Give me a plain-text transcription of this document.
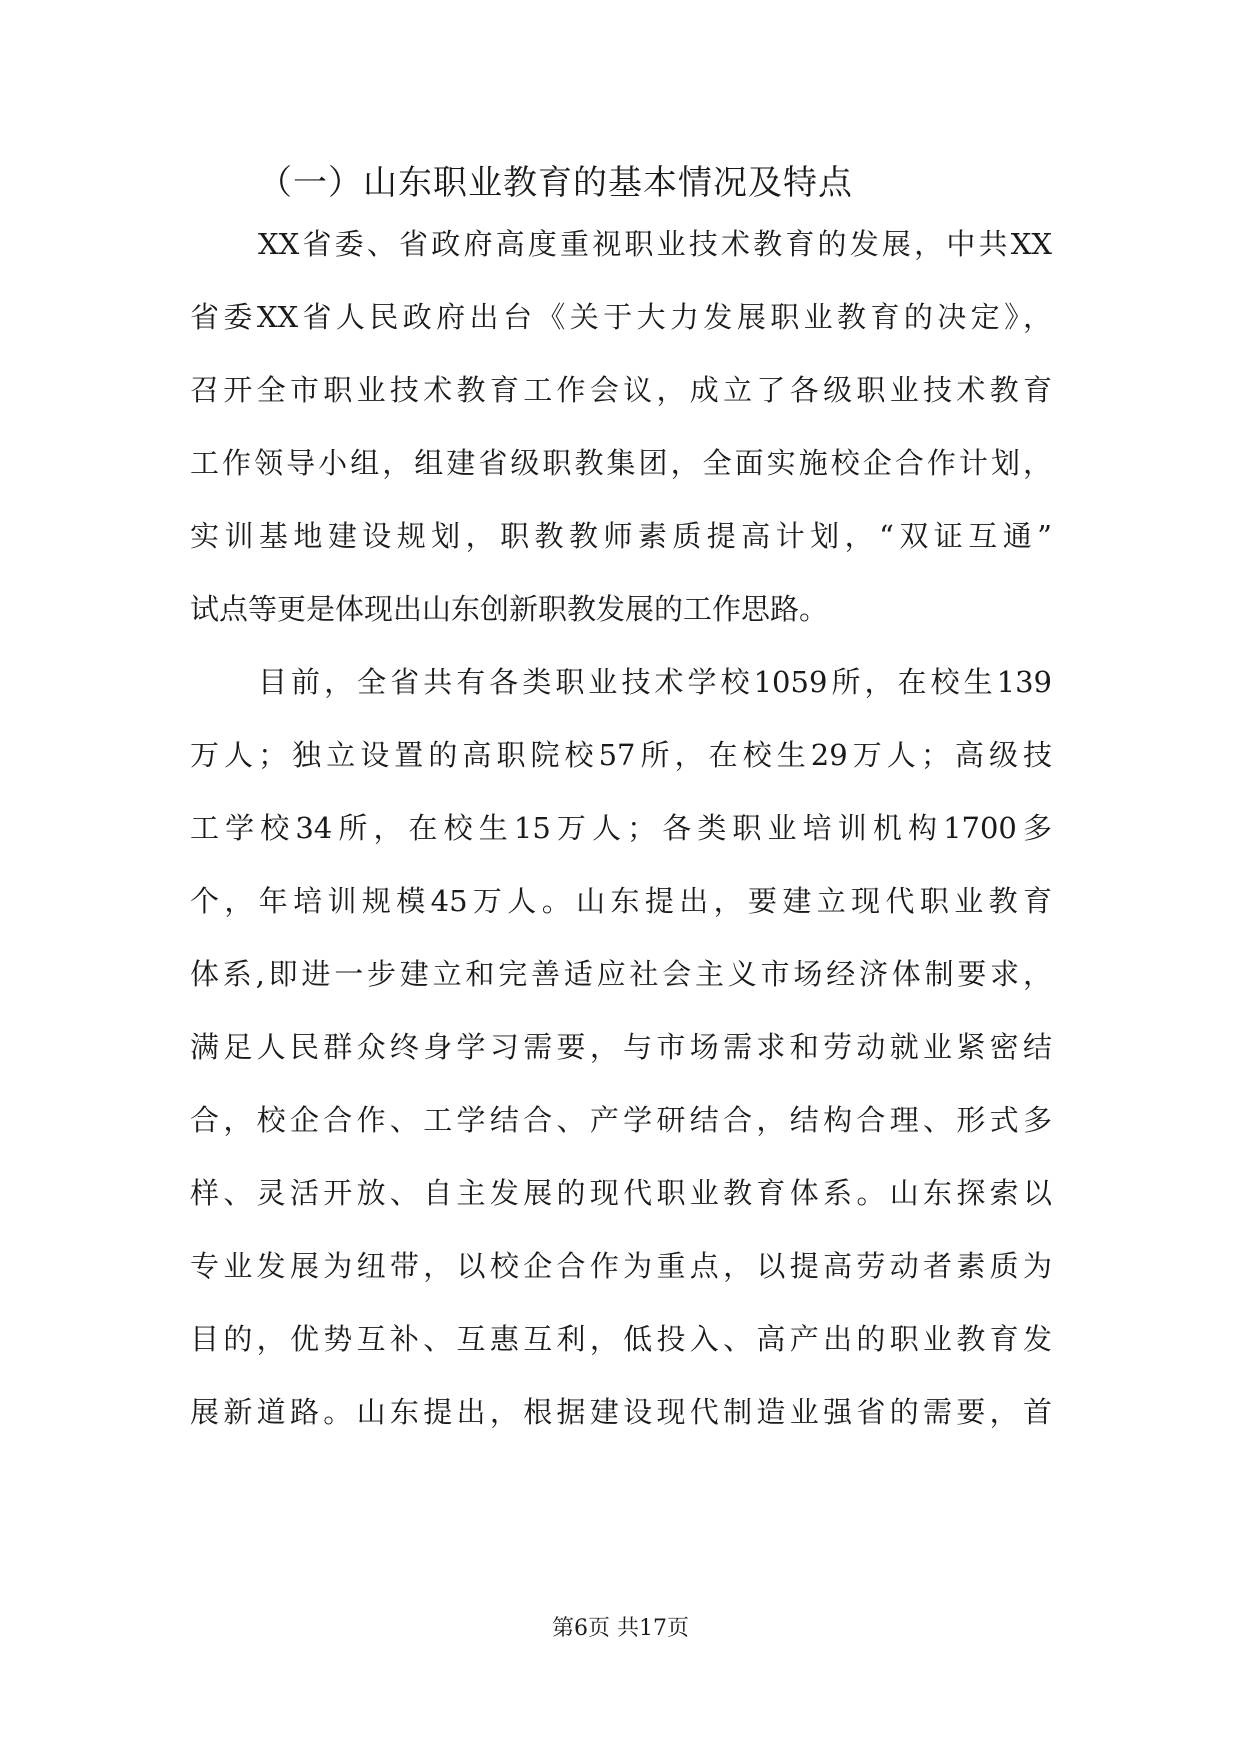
（一）山东职业教育的基本情况及特点
XX省委、省政府高度重视职业技术教育的发展，中共XX
省委XX省人民政府出台《关于大力发展职业教育的决定》，
召开全市职业技术教育工作会议，成立了各级职业技术教育
工作领导小组，组建省级职教集团，全面实施校企合作计划，
实训基地建设规划，职教教师素质提高计划，“双证互通”
试点等更是体现出山东创新职教发展的工作思路。
目前，全省共有各类职业技术学校1059所，在校生139
万人；独立设置的高职院校57所，在校生29万人；高级技
工学校34所，在校生15万人；各类职业培训机构1700多
个，年培训规模45万人。山东提出，要建立现代职业教育
体系,即进一步建立和完善适应社会主义市场经济体制要求，
满足人民群众终身学习需要，与市场需求和劳动就业紧密结
合，校企合作、工学结合、产学研结合，结构合理、形式多
样、灵活开放、自主发展的现代职业教育体系。山东探索以
专业发展为纽带，以校企合作为重点，以提高劳动者素质为
目的，优势互补、互惠互利，低投入、高产出的职业教育发
展新道路。山东提出，根据建设现代制造业强省的需要，首
第6页 共17页
